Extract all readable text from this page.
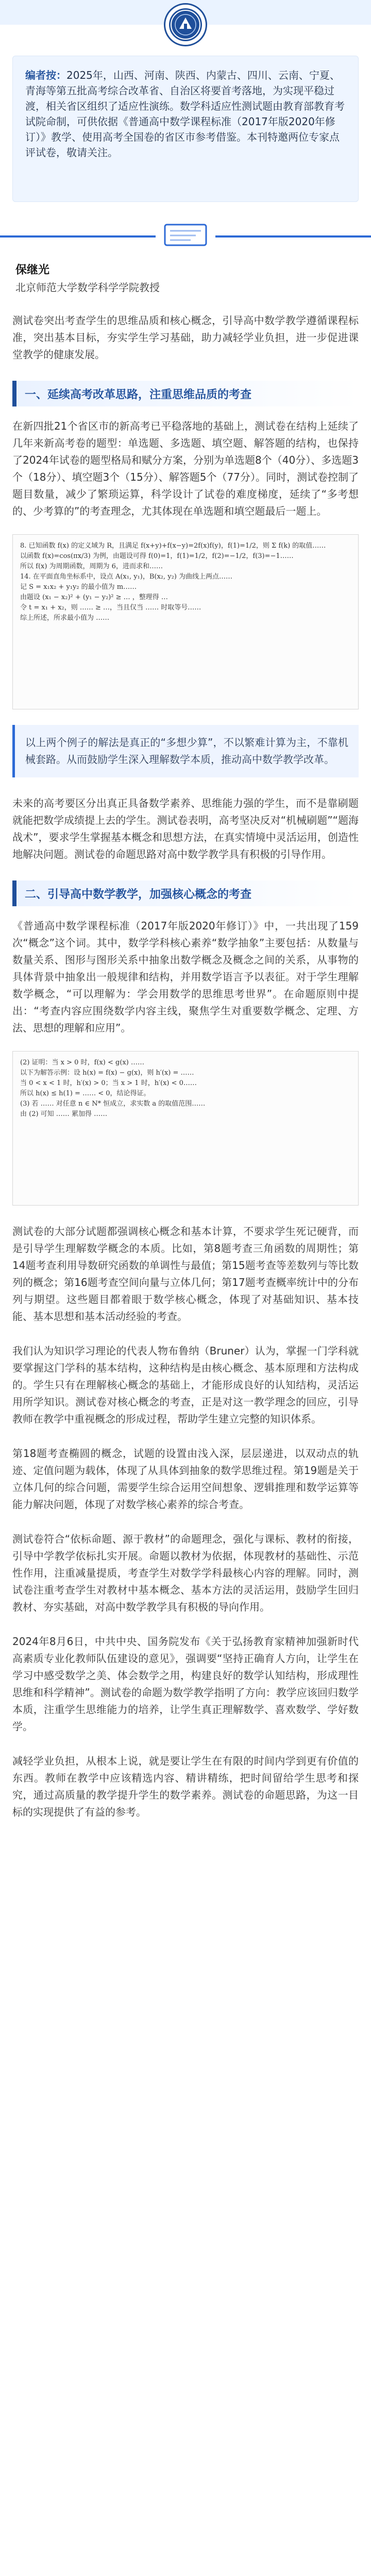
编者按：2025年，山西、河南、陕西、内蒙古、四川、云南、宁夏、青海等第五批高考综合改革省、自治区将要首考落地，为实现平稳过渡，相关省区组织了适应性演练。数学科适应性测试题由教育部教育考试院命制，可供依据《普通高中数学课程标准（2017年版2020年修订）》教学、使用高考全国卷的省区市参考借鉴。本刊特邀两位专家点评试卷，敬请关注。

保继光
北京师范大学数学科学学院教授

测试卷突出考查学生的思维品质和核心概念，引导高中数学教学遵循课程标准，突出基本目标，夯实学生学习基础，助力减轻学业负担，进一步促进课堂教学的健康发展。

一、延续高考改革思路，注重思维品质的考查

在新四批21个省区市的新高考已平稳落地的基础上，测试卷在结构上延续了几年来新高考卷的题型：单选题、多选题、填空题、解答题的结构，也保持了2024年试卷的题型格局和赋分方案，分别为单选题8个（40分）、多选题3个（18分）、填空题3个（15分）、解答题5个（77分）。同时，测试卷控制了题目数量，减少了繁琐运算，科学设计了试卷的难度梯度，延续了“多考想的、少考算的”的考查理念，尤其体现在单选题和填空题最后一题上。

8. 已知函数 f(x) 的定义域为 R，且满足 f(x+y)+f(x−y)=2f(x)f(y)，f(1)=1/2，则 Σ f(k) 的取值……
以函数 f(x)=cos(πx/3) 为例，由题设可得 f(0)=1，f(1)=1/2，f(2)=−1/2，f(3)=−1……
所以 f(x) 为周期函数，周期为 6，进而求和……
14. 在平面直角坐标系中，设点 A(x₁, y₁)，B(x₂, y₂) 为曲线上两点……
记 S = x₁x₂ + y₁y₂ 的最小值为 m……
由题设 (x₁ − x₂)² + (y₁ − y₂)² ≥ … ，整理得 …
令 t = x₁ + x₂，则 …… ≥ …，当且仅当 …… 时取等号……
综上所述，所求最小值为 ……

以上两个例子的解法是真正的“多想少算”，不以繁难计算为主，不靠机械套路。从而鼓励学生深入理解数学本质，推动高中数学教学改革。

未来的高考要区分出真正具备数学素养、思维能力强的学生，而不是靠刷题就能把数学成绩提上去的学生。测试卷表明，高考坚决反对“机械刷题”“题海战术”，要求学生掌握基本概念和思想方法，在真实情境中灵活运用，创造性地解决问题。测试卷的命题思路对高中数学教学具有积极的引导作用。

二、引导高中数学教学，加强核心概念的考查

《普通高中数学课程标准（2017年版2020年修订）》中，一共出现了159次“概念”这个词。其中，数学学科核心素养“数学抽象”主要包括：从数量与数量关系、图形与图形关系中抽象出数学概念及概念之间的关系，从事物的具体背景中抽象出一般规律和结构，并用数学语言予以表征。对于学生理解数学概念，“可以理解为：学会用数学的思维思考世界”。在命题原则中提出：“考查内容应围绕数学内容主线，聚焦学生对重要数学概念、定理、方法、思想的理解和应用”。

(2) 证明：当 x > 0 时，f(x) < g(x) ……
以下为解答示例：设 h(x) = f(x) − g(x)，则 h′(x) = ……
当 0 < x < 1 时，h′(x) > 0；当 x > 1 时，h′(x) < 0……
所以 h(x) ≤ h(1) = …… < 0，结论得证。
(3) 若 …… 对任意 n ∈ N* 恒成立，求实数 a 的取值范围……
由 (2) 可知 …… 累加得 ……

测试卷的大部分试题都强调核心概念和基本计算，不要求学生死记硬背，而是引导学生理解数学概念的本质。比如，第8题考查三角函数的周期性；第14题考查利用导数研究函数的单调性与最值；第15题考查等差数列与等比数列的概念；第16题考查空间向量与立体几何；第17题考查概率统计中的分布列与期望。这些题目都着眼于数学核心概念，体现了对基础知识、基本技能、基本思想和基本活动经验的考查。

我们认为知识学习理论的代表人物布鲁纳（Bruner）认为，掌握一门学科就要掌握这门学科的基本结构，这种结构是由核心概念、基本原理和方法构成的。学生只有在理解核心概念的基础上，才能形成良好的认知结构，灵活运用所学知识。测试卷对核心概念的考查，正是对这一教学理念的回应，引导教师在教学中重视概念的形成过程，帮助学生建立完整的知识体系。

第18题考查椭圆的概念，试题的设置由浅入深，层层递进，以双动点的轨迹、定值问题为载体，体现了从具体到抽象的数学思维过程。第19题是关于立体几何的综合问题，需要学生综合运用空间想象、逻辑推理和数学运算等能力解决问题，体现了对数学核心素养的综合考查。

测试卷符合“依标命题、源于教材”的命题理念，强化与课标、教材的衔接，引导中学教学依标扎实开展。命题以教材为依据，体现教材的基础性、示范性作用，注重减量提质，考查学生对数学学科最核心内容的理解。同时，测试卷注重考查学生对教材中基本概念、基本方法的灵活运用，鼓励学生回归教材、夯实基础，对高中数学教学具有积极的导向作用。

2024年8月6日，中共中央、国务院发布《关于弘扬教育家精神加强新时代高素质专业化教师队伍建设的意见》，强调要“坚持正确育人方向，让学生在学习中感受数学之美、体会数学之用，构建良好的数学认知结构，形成理性思维和科学精神”。测试卷的命题为数学教学指明了方向：教学应该回归数学本质，注重学生思维能力的培养，让学生真正理解数学、喜欢数学、学好数学。

减轻学业负担，从根本上说，就是要让学生在有限的时间内学到更有价值的东西。教师在教学中应该精选内容、精讲精练，把时间留给学生思考和探究，通过高质量的教学提升学生的数学素养。测试卷的命题思路，为这一目标的实现提供了有益的参考。
